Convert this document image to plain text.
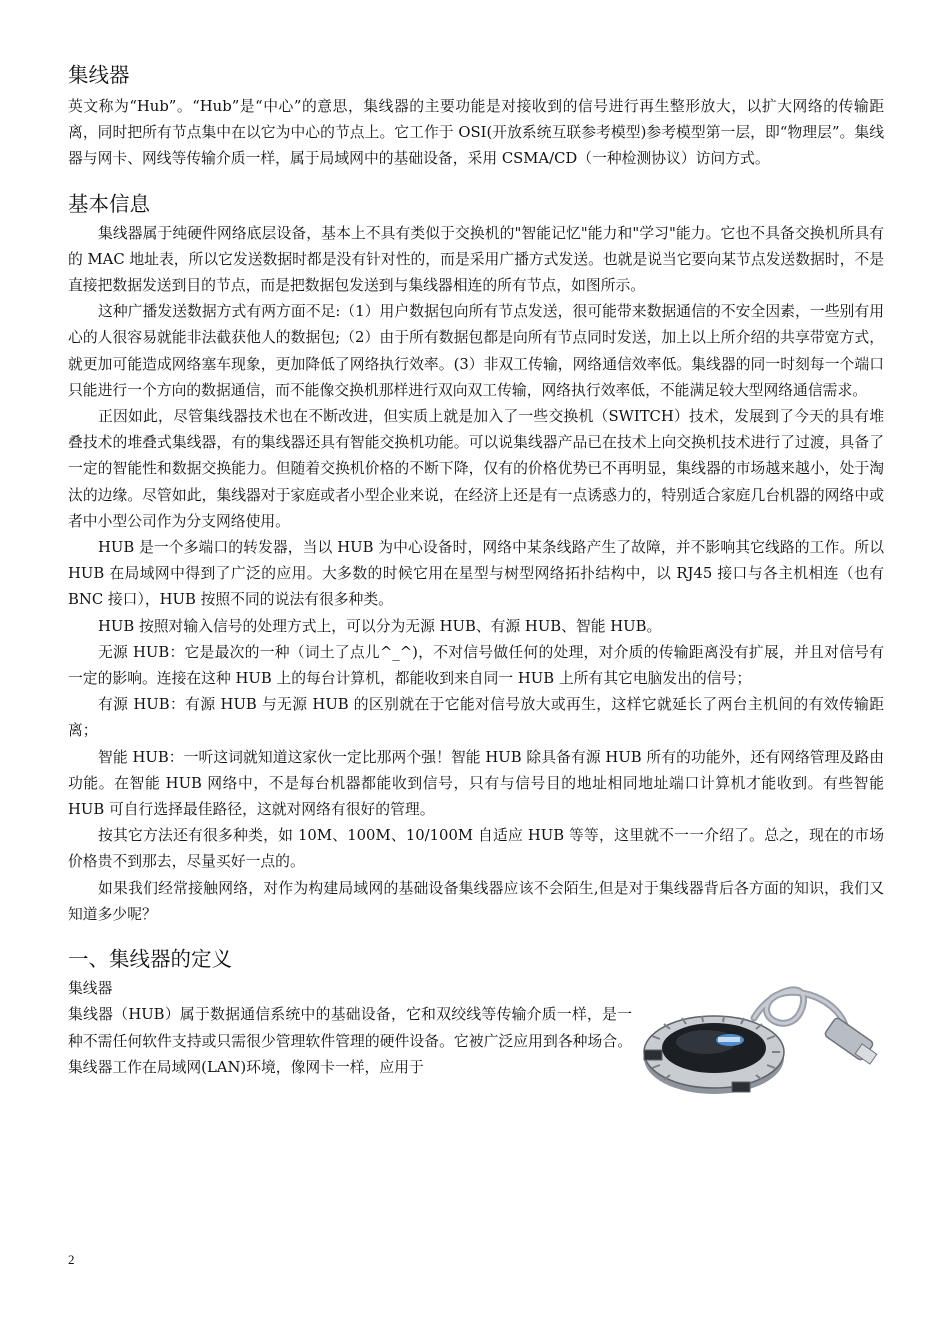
集线器

英文称为“Hub”。“Hub”是“中心”的意思，集线器的主要功能是对接收到的信号进行再生整形放大，以扩大网络的传输距离，同时把所有节点集中在以它为中心的节点上。它工作于 OSI(开放系统互联参考模型)参考模型第一层，即“物理层”。集线器与网卡、网线等传输介质一样，属于局域网中的基础设备，采用 CSMA/CD（一种检测协议）访问方式。

基本信息

集线器属于纯硬件网络底层设备，基本上不具有类似于交换机的"智能记忆"能力和"学习"能力。它也不具备交换机所具有的 MAC 地址表，所以它发送数据时都是没有针对性的，而是采用广播方式发送。也就是说当它要向某节点发送数据时，不是直接把数据发送到目的节点，而是把数据包发送到与集线器相连的所有节点，如图所示。

这种广播发送数据方式有两方面不足:（1）用户数据包向所有节点发送，很可能带来数据通信的不安全因素，一些别有用心的人很容易就能非法截获他人的数据包;（2）由于所有数据包都是向所有节点同时发送，加上以上所介绍的共享带宽方式，就更加可能造成网络塞车现象，更加降低了网络执行效率。(3）非双工传输，网络通信效率低。集线器的同一时刻每一个端口只能进行一个方向的数据通信，而不能像交换机那样进行双向双工传输，网络执行效率低，不能满足较大型网络通信需求。

正因如此，尽管集线器技术也在不断改进，但实质上就是加入了一些交换机（SWITCH）技术，发展到了今天的具有堆叠技术的堆叠式集线器，有的集线器还具有智能交换机功能。可以说集线器产品已在技术上向交换机技术进行了过渡，具备了一定的智能性和数据交换能力。但随着交换机价格的不断下降，仅有的价格优势已不再明显，集线器的市场越来越小，处于淘汰的边缘。尽管如此，集线器对于家庭或者小型企业来说，在经济上还是有一点诱惑力的，特别适合家庭几台机器的网络中或者中小型公司作为分支网络使用。

HUB 是一个多端口的转发器，当以 HUB 为中心设备时，网络中某条线路产生了故障，并不影响其它线路的工作。所以 HUB 在局域网中得到了广泛的应用。大多数的时候它用在星型与树型网络拓扑结构中，以 RJ45 接口与各主机相连（也有 BNC 接口），HUB 按照不同的说法有很多种类。

HUB 按照对输入信号的处理方式上，可以分为无源 HUB、有源 HUB、智能 HUB。

无源 HUB：它是最次的一种（词土了点儿^_^)，不对信号做任何的处理，对介质的传输距离没有扩展，并且对信号有一定的影响。连接在这种 HUB 上的每台计算机，都能收到来自同一 HUB 上所有其它电脑发出的信号；

有源 HUB：有源 HUB 与无源 HUB 的区别就在于它能对信号放大或再生，这样它就延长了两台主机间的有效传输距离；

智能 HUB：一听这词就知道这家伙一定比那两个强！智能 HUB 除具备有源 HUB 所有的功能外，还有网络管理及路由功能。在智能 HUB 网络中，不是每台机器都能收到信号，只有与信号目的地址相同地址端口计算机才能收到。有些智能 HUB 可自行选择最佳路径，这就对网络有很好的管理。

按其它方法还有很多种类，如 10M、100M、10/100M 自适应 HUB 等等，这里就不一一介绍了。总之，现在的市场价格贵不到那去，尽量买好一点的。

如果我们经常接触网络，对作为构建局域网的基础设备集线器应该不会陌生,但是对于集线器背后各方面的知识，我们又知道多少呢？

一、集线器的定义

集线器

集线器（HUB）属于数据通信系统中的基础设备，它和双绞线等传输介质一样，是一种不需任何软件支持或只需很少管理软件管理的硬件设备。它被广泛应用到各种场合。集线器工作在局域网(LAN)环境，像网卡一样，应用于

2
